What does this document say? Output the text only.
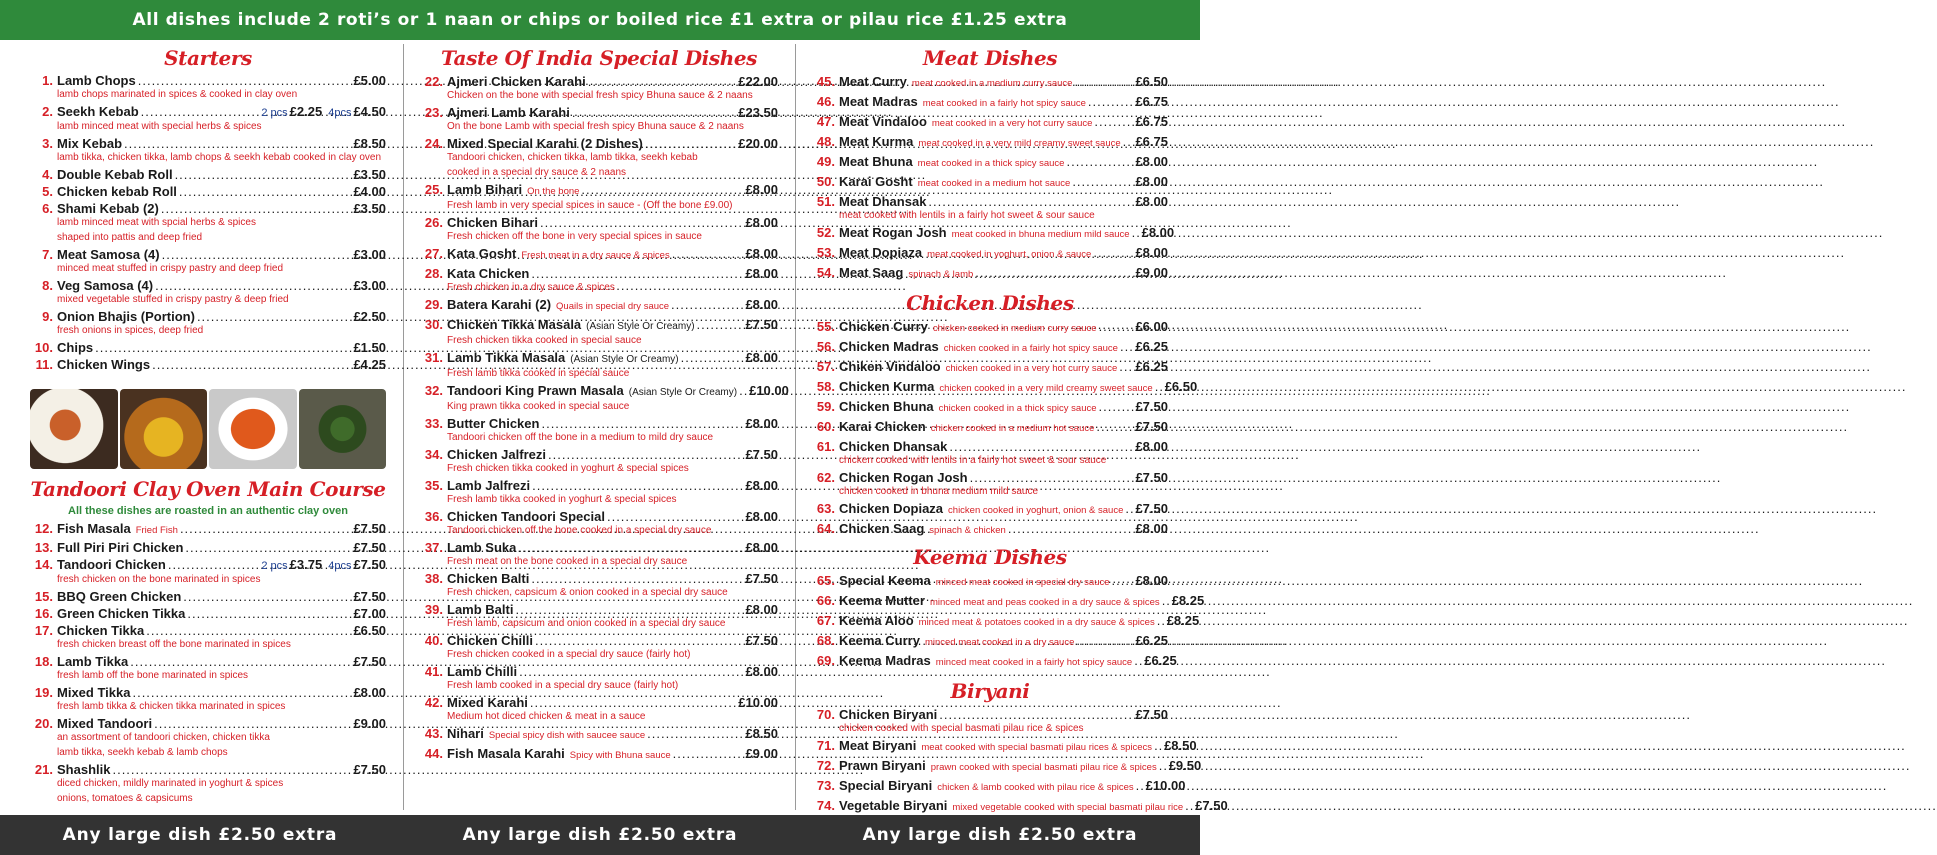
All dishes include 2 roti’s or 1 naan or chips or boiled rice £1 extra or pilau rice £1.25 extra
Starters
1. Lamb Chops .....	£5.00
lamb chops marinated in spices & cooked in clay oven
2. Seekh Kebab .....	2 pcs £2.25 4pcs £4.50
lamb minced meat with special herbs & spices
3. Mix Kebab .....	£8.50
lamb tikka, chicken tikka, lamb chops & seekh kebab cooked in clay oven
4. Double Kebab Roll .....	£3.50
5. Chicken kebab Roll .....	£4.00
6. Shami Kebab (2) .....	£3.50
lamb minced meat with spcial herbs & spices
shaped into pattis and deep fried
7. Meat Samosa (4) .....	£3.00
minced meat stuffed in crispy pastry and deep fried
8. Veg Samosa (4) .....	£3.00
mixed vegetable stuffed in crispy pastry & deep fried
9. Onion Bhajis (Portion) .....	£2.50
fresh onions in spices, deep fried
10. Chips .....	£1.50
11. Chicken Wings .....	£4.25
Tandoori Clay Oven Main Course
All these dishes are roasted in an authentic clay oven
12. Fish Masala Fried Fish .....	£7.50
13. Full Piri Piri Chicken .....	£7.50
14. Tandoori Chicken .....	2 pcs £3.75 4pcs £7.50
fresh chicken on the bone marinated in spices
15. BBQ Green Chicken .....	£7.50
16. Green Chicken Tikka .....	£7.00
17. Chicken Tikka .....	£6.50
fresh chicken breast off the bone marinated in spices
18. Lamb Tikka .....	£7.50
fresh lamb off the bone marinated in spices
19. Mixed Tikka .....	£8.00
fresh lamb tikka & chicken tikka marinated in spices
20. Mixed Tandoori .....	£9.00
an assortment of tandoori chicken, chicken tikka
lamb tikka, seekh kebab & lamb chops
21. Shashlik .....	£7.50
diced chicken, mildly marinated in yoghurt & spices
onions, tomatoes & capsicums
Taste Of India Special Dishes
22. Ajmeri Chicken Karahi .....	£22.00
Chicken on the bone with special fresh spicy Bhuna sauce & 2 naans
23. Ajmeri Lamb Karahi .....	£23.50
On the bone Lamb with special fresh spicy Bhuna sauce & 2 naans
24. Mixed Special Karahi (2 Dishes) .....	£20.00
Tandoori chicken, chicken tikka, lamb tikka, seekh kebab
cooked in a special dry sauce & 2 naans
25. Lamb Bihari On the bone .....	£8.00
Fresh lamb in very special spices in sauce - (Off the bone £9.00)
26. Chicken Bihari .....	£8.00
Fresh chicken off the bone in very special spices in sauce
27. Kata Gosht Fresh meat in a dry sauce & spices .....	£8.00
28. Kata Chicken .....	£8.00
Fresh chicken in a dry sauce & spices
29. Batera Karahi (2) Quails in special dry sauce .....	£8.00
30. Chicken Tikka Masala (Asian Style Or Creamy) .....	£7.50
Fresh chicken tikka cooked in special sauce
31. Lamb Tikka Masala (Asian Style Or Creamy) .....	£8.00
Fresh lamb tikka cooked in special sauce
32. Tandoori King Prawn Masala (Asian Style Or Creamy) ..... £10.00
King prawn tikka cooked in special sauce
33. Butter Chicken .....	£8.00
Tandoori chicken off the bone in a medium to mild dry sauce
34. Chicken Jalfrezi .....	£7.50
Fresh chicken tikka cooked in yoghurt & special spices
35. Lamb Jalfrezi .....	£8.00
Fresh lamb tikka cooked in yoghurt & special spices
36. Chicken Tandoori Special .....	£8.00
Tandoori chicken off the bone cooked in a special dry sauce
37. Lamb Suka .....	£8.00
Fresh meat on the bone cooked in a special dry sauce
38. Chicken Balti .....	£7.50
Fresh chicken, capsicum & onion cooked in a special dry sauce
39. Lamb Balti .....	£8.00
Fresh lamb, capsicum and onion cooked in a special dry sauce
40. Chicken Chilli .....	£7.50
Fresh chicken cooked in a special dry sauce (fairly hot)
41. Lamb Chilli .....	£8.00
Fresh lamb cooked in a special dry sauce (fairly hot)
42. Mixed Karahi .....	£10.00
Medium hot diced chicken & meat in a sauce
43. Nihari Special spicy dish with saucee sauce .....	£8.50
44. Fish Masala Karahi Spicy with Bhuna sauce .....	£9.00
Meat Dishes
45. Meat Curry meat cooked in a medium curry sauce .....	£6.50
46. Meat Madras meat cooked in a fairly hot spicy sauce .....	£6.75
47. Meat Vindaloo meat cooked in a very hot curry sauce .....	£6.75
48. Meat Kurma meat cooked in a very mild creamy sweet sauce ..... £6.75
49. Meat Bhuna meat cooked in a thick spicy sauce .....	£8.00
50. Karai Gosht meat cooked in a medium hot sauce .....	£8.00
51. Meat Dhansak .....	£8.00
meat cooked with lentils in a fairly hot sweet & sour sauce
52. Meat Rogan Josh meat cooked in bhuna medium mild sauce ..... £8.00
53. Meat Dopiaza meat cooked in yoghurt, onion & sauce .....	£8.00
54. Meat Saag spinach & lamb .....	£9.00
Chicken Dishes
55. Chicken Curry chicken cooked in medium curry sauce .....	£6.00
56. Chicken Madras chicken cooked in a fairly hot spicy sauce ..... £6.25
57. Chiken Vindaloo chicken cooked in a very hot curry sauce ..... £6.25
58. Chicken Kurma chicken cooked in a very mild creamy sweet sauce ..... £6.50
59. Chicken Bhuna chicken cooked in a thick spicy sauce .....	£7.50
60. Karai Chicken chicken cooked in a medium hot sauce .....	£7.50
61. Chicken Dhansak .....	£8.00
chicken cooked with lentils in a fairly hot sweet & sour sauce
62. Chicken Rogan Josh .....	£7.50
chicken cooked in bhuna medium mild sauce
63. Chicken Dopiaza chicken cooked in yoghurt, onion & sauce ..... £7.50
64. Chicken Saag spinach & chicken .....	£8.00
Keema Dishes
65. Special Keema minced meat cooked in special dry sauce ..... £8.00
66. Keema Mutter minced meat and peas cooked in a dry sauce & spices ..... £8.25
67. Keema Aloo minced meat & potatoes cooked in a dry sauce & spices ..... £8.25
68. Keema Curry minced meat cooked in a dry sauce .....	£6.25
69. Keema Madras minced meat cooked in a fairly hot spicy sauce ..... £6.25
Biryani
70. Chicken Biryani .....	£7.50
chicken cooked with special basmati pilau rice & spices
71. Meat Biryani meat cooked with special basmati pilau rices & spicecs ..... £8.50
72. Prawn Biryani prawn cooked with special basmati pilau rice & spices ..... £9.50
73. Special Biryani chicken & lamb cooked with pilau rice & spices ..... £10.00
74. Vegetable Biryani mixed vegetable cooked with special basmati pilau rice ..... £7.50
Any large dish £2.50 extra	Any large dish £2.50 extra	Any large dish £2.50 extra
